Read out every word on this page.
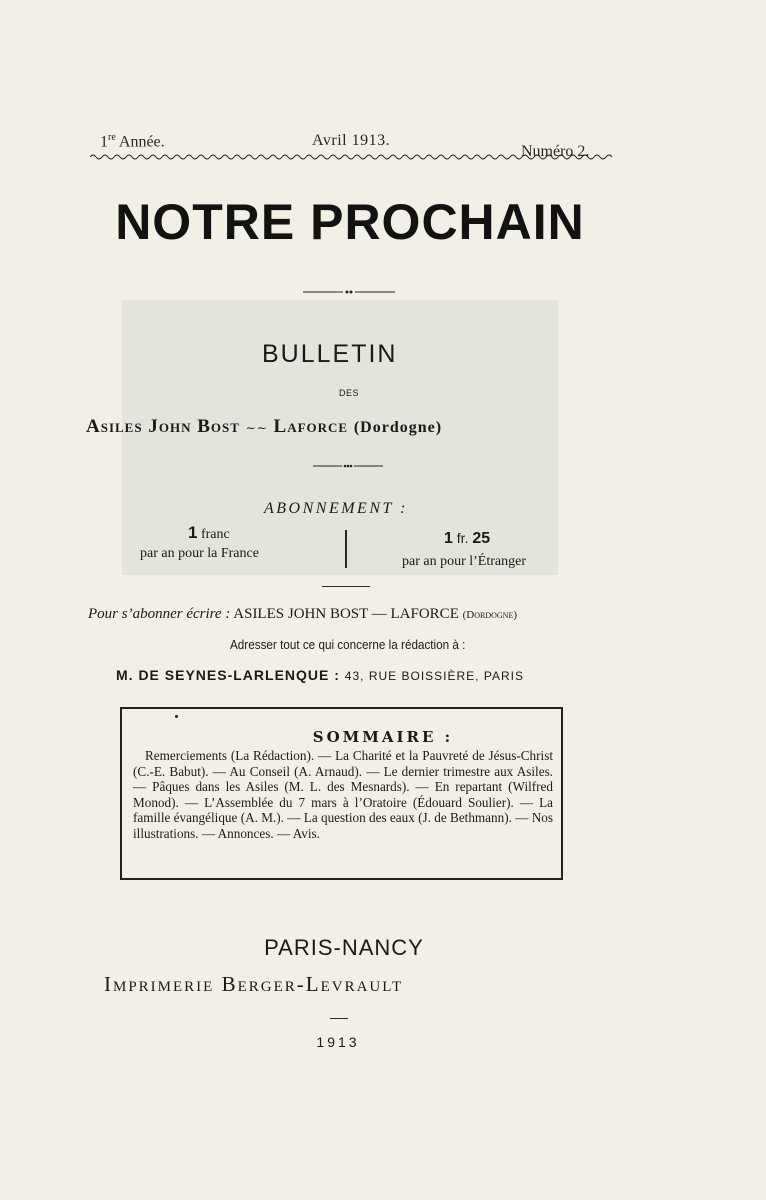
1re Année.	Avril 1913.
Numéro 2.
NOTRE PROCHAIN
BULLETIN
DES
Asiles John Bost ∼∼ Laforce (Dordogne)
ABONNEMENT :
1 franc
par an pour la France
1 fr. 25
par an pour l’Étranger
Pour s’abonner écrire : ASILES JOHN BOST — LAFORCE (Dordogne)
Adresser tout ce qui concerne la rédaction à :
M. DE SEYNES-LARLENQUE : 43, RUE BOISSIÈRE, PARIS
SOMMAIRE :
Remerciements (La Rédaction). — La Charité et la Pauvreté de Jésus-Christ (C.-E. Babut). — Au Conseil (A. Arnaud). — Le dernier trimestre aux Asiles. — Pâques dans les Asiles (M. L. des Mesnards). — En repartant (Wilfred Monod). — L’Assemblée du 7 mars à l’Oratoire (Édouard Soulier). — La famille évangélique (A. M.). — La question des eaux (J. de Bethmann). — Nos illustrations. — Annonces. — Avis.
PARIS-NANCY
Imprimerie Berger-Levrault
1913
